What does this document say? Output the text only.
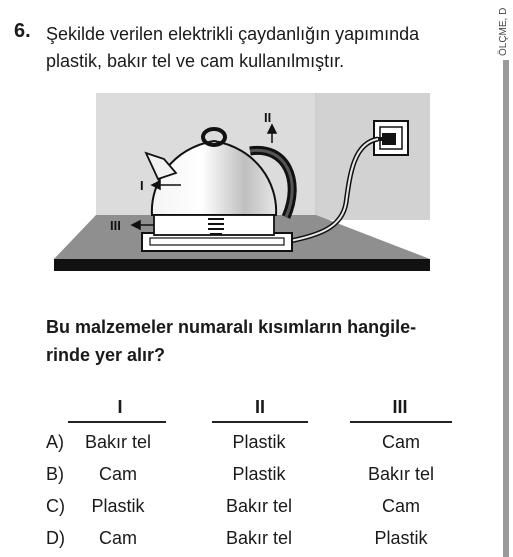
6. Şekilde verilen elektrikli çaydanlığın yapımında
plastik, bakır tel ve cam kullanılmıştır.
ÖLÇME, D
I
II
III
Bu malzemeler numaralı kısımların hangile-
rinde yer alır?
I	II	III
A)	Bakır tel	Plastik	Cam
B)	Cam	Plastik	Bakır tel
C)	Plastik	Bakır tel	Cam
D)	Cam	Bakır tel	Plastik
